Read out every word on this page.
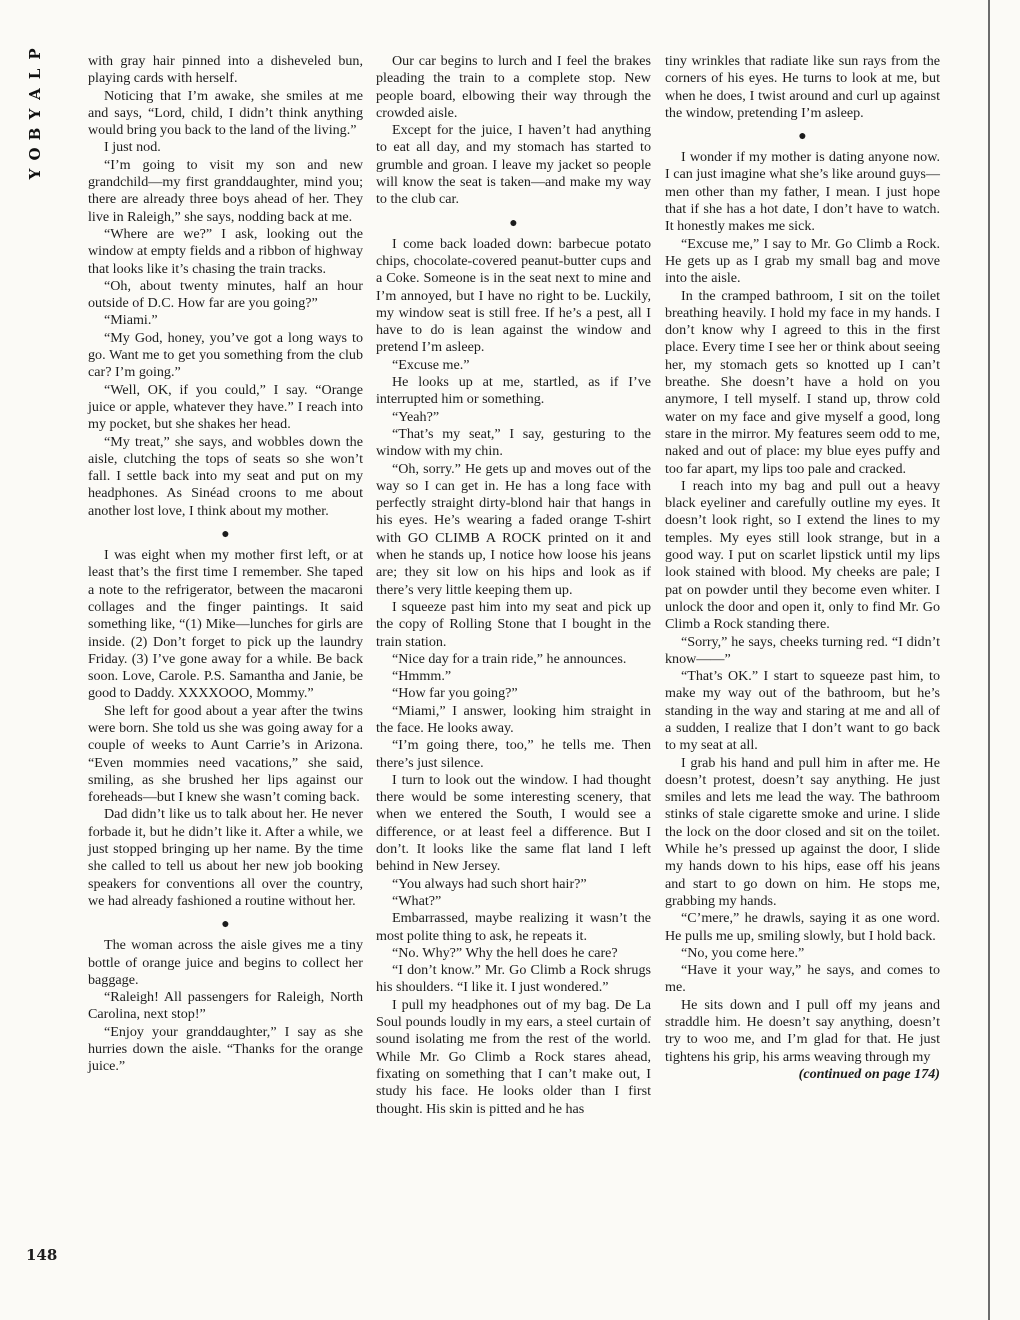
P
L
A
Y
B
O
Y
148

with gray hair pinned into a disheveled bun, playing cards with herself.

Noticing that I’m awake, she smiles at me and says, “Lord, child, I didn’t think anything would bring you back to the land of the living.”

I just nod.

“I’m going to visit my son and new grandchild—my first granddaughter, mind you; there are already three boys ahead of her. They live in Raleigh,” she says, nodding back at me.

“Where are we?” I ask, looking out the window at empty fields and a ribbon of highway that looks like it’s chasing the train tracks.

“Oh, about twenty minutes, half an hour outside of D.C. How far are you going?”

“Miami.”

“My God, honey, you’ve got a long ways to go. Want me to get you something from the club car? I’m going.”

“Well, OK, if you could,” I say. “Orange juice or apple, whatever they have.” I reach into my pocket, but she shakes her head.

“My treat,” she says, and wobbles down the aisle, clutching the tops of seats so she won’t fall. I settle back into my seat and put on my headphones. As Sinéad croons to me about another lost love, I think about my mother.

●

I was eight when my mother first left, or at least that’s the first time I remember. She taped a note to the refrigerator, between the macaroni collages and the finger paintings. It said something like, “(1) Mike—lunches for girls are inside. (2) Don’t forget to pick up the laundry Friday. (3) I’ve gone away for a while. Be back soon. Love, Carole. P.S. Samantha and Janie, be good to Daddy. XXXXOOO, Mommy.”

She left for good about a year after the twins were born. She told us she was going away for a couple of weeks to Aunt Carrie’s in Arizona. “Even mommies need vacations,” she said, smiling, as she brushed her lips against our foreheads—but I knew she wasn’t coming back.

Dad didn’t like us to talk about her. He never forbade it, but he didn’t like it. After a while, we just stopped bringing up her name. By the time she called to tell us about her new job booking speakers for conventions all over the country, we had already fashioned a routine without her.

●

The woman across the aisle gives me a tiny bottle of orange juice and begins to collect her baggage.

“Raleigh! All passengers for Raleigh, North Carolina, next stop!”

“Enjoy your granddaughter,” I say as she hurries down the aisle. “Thanks for the orange juice.”

Our car begins to lurch and I feel the brakes pleading the train to a complete stop. New people board, elbowing their way through the crowded aisle.

Except for the juice, I haven’t had anything to eat all day, and my stomach has started to grumble and groan. I leave my jacket so people will know the seat is taken—and make my way to the club car.

●

I come back loaded down: barbecue potato chips, chocolate-covered peanut-butter cups and a Coke. Someone is in the seat next to mine and I’m annoyed, but I have no right to be. Luckily, my window seat is still free. If he’s a pest, all I have to do is lean against the window and pretend I’m asleep.

“Excuse me.”

He looks up at me, startled, as if I’ve interrupted him or something.

“Yeah?”

“That’s my seat,” I say, gesturing to the window with my chin.

“Oh, sorry.” He gets up and moves out of the way so I can get in. He has a long face with perfectly straight dirty-blond hair that hangs in his eyes. He’s wearing a faded orange T-shirt with GO CLIMB A ROCK printed on it and when he stands up, I notice how loose his jeans are; they sit low on his hips and look as if there’s very little keeping them up.

I squeeze past him into my seat and pick up the copy of Rolling Stone that I bought in the train station.

“Nice day for a train ride,” he announces.

“Hmmm.”

“How far you going?”

“Miami,” I answer, looking him straight in the face. He looks away.

“I’m going there, too,” he tells me. Then there’s just silence.

I turn to look out the window. I had thought there would be some interesting scenery, that when we entered the South, I would see a difference, or at least feel a difference. But I don’t. It looks like the same flat land I left behind in New Jersey.

“You always had such short hair?”

“What?”

Embarrassed, maybe realizing it wasn’t the most polite thing to ask, he repeats it.

“No. Why?” Why the hell does he care?

“I don’t know.” Mr. Go Climb a Rock shrugs his shoulders. “I like it. I just wondered.”

I pull my headphones out of my bag. De La Soul pounds loudly in my ears, a steel curtain of sound isolating me from the rest of the world. While Mr. Go Climb a Rock stares ahead, fixating on something that I can’t make out, I study his face. He looks older than I first thought. His skin is pitted and he has

tiny wrinkles that radiate like sun rays from the corners of his eyes. He turns to look at me, but when he does, I twist around and curl up against the window, pretending I’m asleep.

●

I wonder if my mother is dating anyone now. I can just imagine what she’s like around guys—men other than my father, I mean. I just hope that if she has a hot date, I don’t have to watch. It honestly makes me sick.

“Excuse me,” I say to Mr. Go Climb a Rock. He gets up as I grab my small bag and move into the aisle.

In the cramped bathroom, I sit on the toilet breathing heavily. I hold my face in my hands. I don’t know why I agreed to this in the first place. Every time I see her or think about seeing her, my stomach gets so knotted up I can’t breathe. She doesn’t have a hold on you anymore, I tell myself. I stand up, throw cold water on my face and give myself a good, long stare in the mirror. My features seem odd to me, naked and out of place: my blue eyes puffy and too far apart, my lips too pale and cracked.

I reach into my bag and pull out a heavy black eyeliner and carefully outline my eyes. It doesn’t look right, so I extend the lines to my temples. My eyes still look strange, but in a good way. I put on scarlet lipstick until my lips look stained with blood. My cheeks are pale; I pat on powder until they become even whiter. I unlock the door and open it, only to find Mr. Go Climb a Rock standing there.

“Sorry,” he says, cheeks turning red. “I didn’t know——”

“That’s OK.” I start to squeeze past him, to make my way out of the bathroom, but he’s standing in the way and staring at me and all of a sudden, I realize that I don’t want to go back to my seat at all.

I grab his hand and pull him in after me. He doesn’t protest, doesn’t say anything. He just smiles and lets me lead the way. The bathroom stinks of stale cigarette smoke and urine. I slide the lock on the door closed and sit on the toilet. While he’s pressed up against the door, I slide my hands down to his hips, ease off his jeans and start to go down on him. He stops me, grabbing my hands.

“C’mere,” he drawls, saying it as one word. He pulls me up, smiling slowly, but I hold back.

“No, you come here.”

“Have it your way,” he says, and comes to me.

He sits down and I pull off my jeans and straddle him. He doesn’t say anything, doesn’t try to woo me, and I’m glad for that. He just tightens his grip, his arms weaving through my

(continued on page 174)
